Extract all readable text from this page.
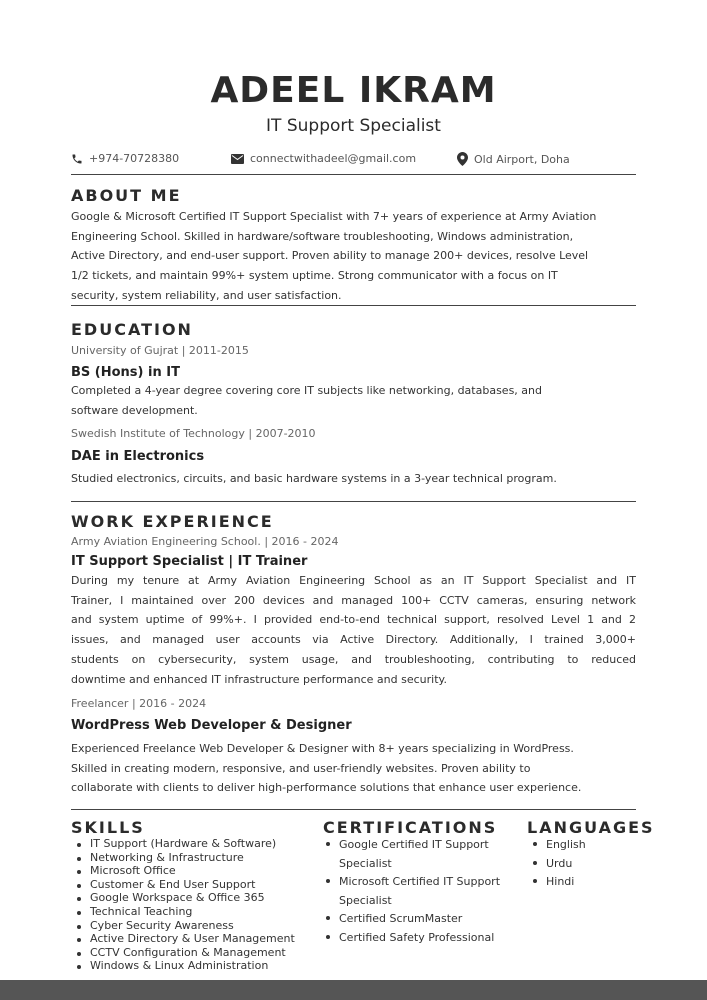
ADEEL IKRAM
IT Support Specialist
+974-70728380	connectwithadeel@gmail.com	Old Airport, Doha
ABOUT ME
Google & Microsoft Certified IT Support Specialist with 7+ years of experience at Army Aviation
Engineering School. Skilled in hardware/software troubleshooting, Windows administration,
Active Directory, and end-user support. Proven ability to manage 200+ devices, resolve Level
1/2 tickets, and maintain 99%+ system uptime. Strong communicator with a focus on IT
security, system reliability, and user satisfaction.
EDUCATION
University of Gujrat | 2011-2015
BS (Hons) in IT
Completed a 4-year degree covering core IT subjects like networking, databases, and
software development.
Swedish Institute of Technology | 2007-2010
DAE in Electronics
Studied electronics, circuits, and basic hardware systems in a 3-year technical program.
WORK EXPERIENCE
Army Aviation Engineering School. | 2016 - 2024
IT Support Specialist | IT Trainer
During my tenure at Army Aviation Engineering School as an IT Support Specialist and IT
Trainer, I maintained over 200 devices and managed 100+ CCTV cameras, ensuring network
and system uptime of 99%+. I provided end-to-end technical support, resolved Level 1 and 2
issues, and managed user accounts via Active Directory. Additionally, I trained 3,000+
students on cybersecurity, system usage, and troubleshooting, contributing to reduced
downtime and enhanced IT infrastructure performance and security.
Freelancer | 2016 - 2024
WordPress Web Developer & Designer
Experienced Freelance Web Developer & Designer with 8+ years specializing in WordPress.
Skilled in creating modern, responsive, and user-friendly websites. Proven ability to
collaborate with clients to deliver high-performance solutions that enhance user experience.
SKILLS
IT Support (Hardware & Software)
Networking & Infrastructure
Microsoft Office
Customer & End User Support
Google Workspace & Office 365
Technical Teaching
Cyber Security Awareness
Active Directory & User Management
CCTV Configuration & Management
Windows & Linux Administration
CERTIFICATIONS
Google Certified IT Support
Specialist
Microsoft Certified IT Support
Specialist
Certified ScrumMaster
Certified Safety Professional
LANGUAGES
English
Urdu
Hindi
